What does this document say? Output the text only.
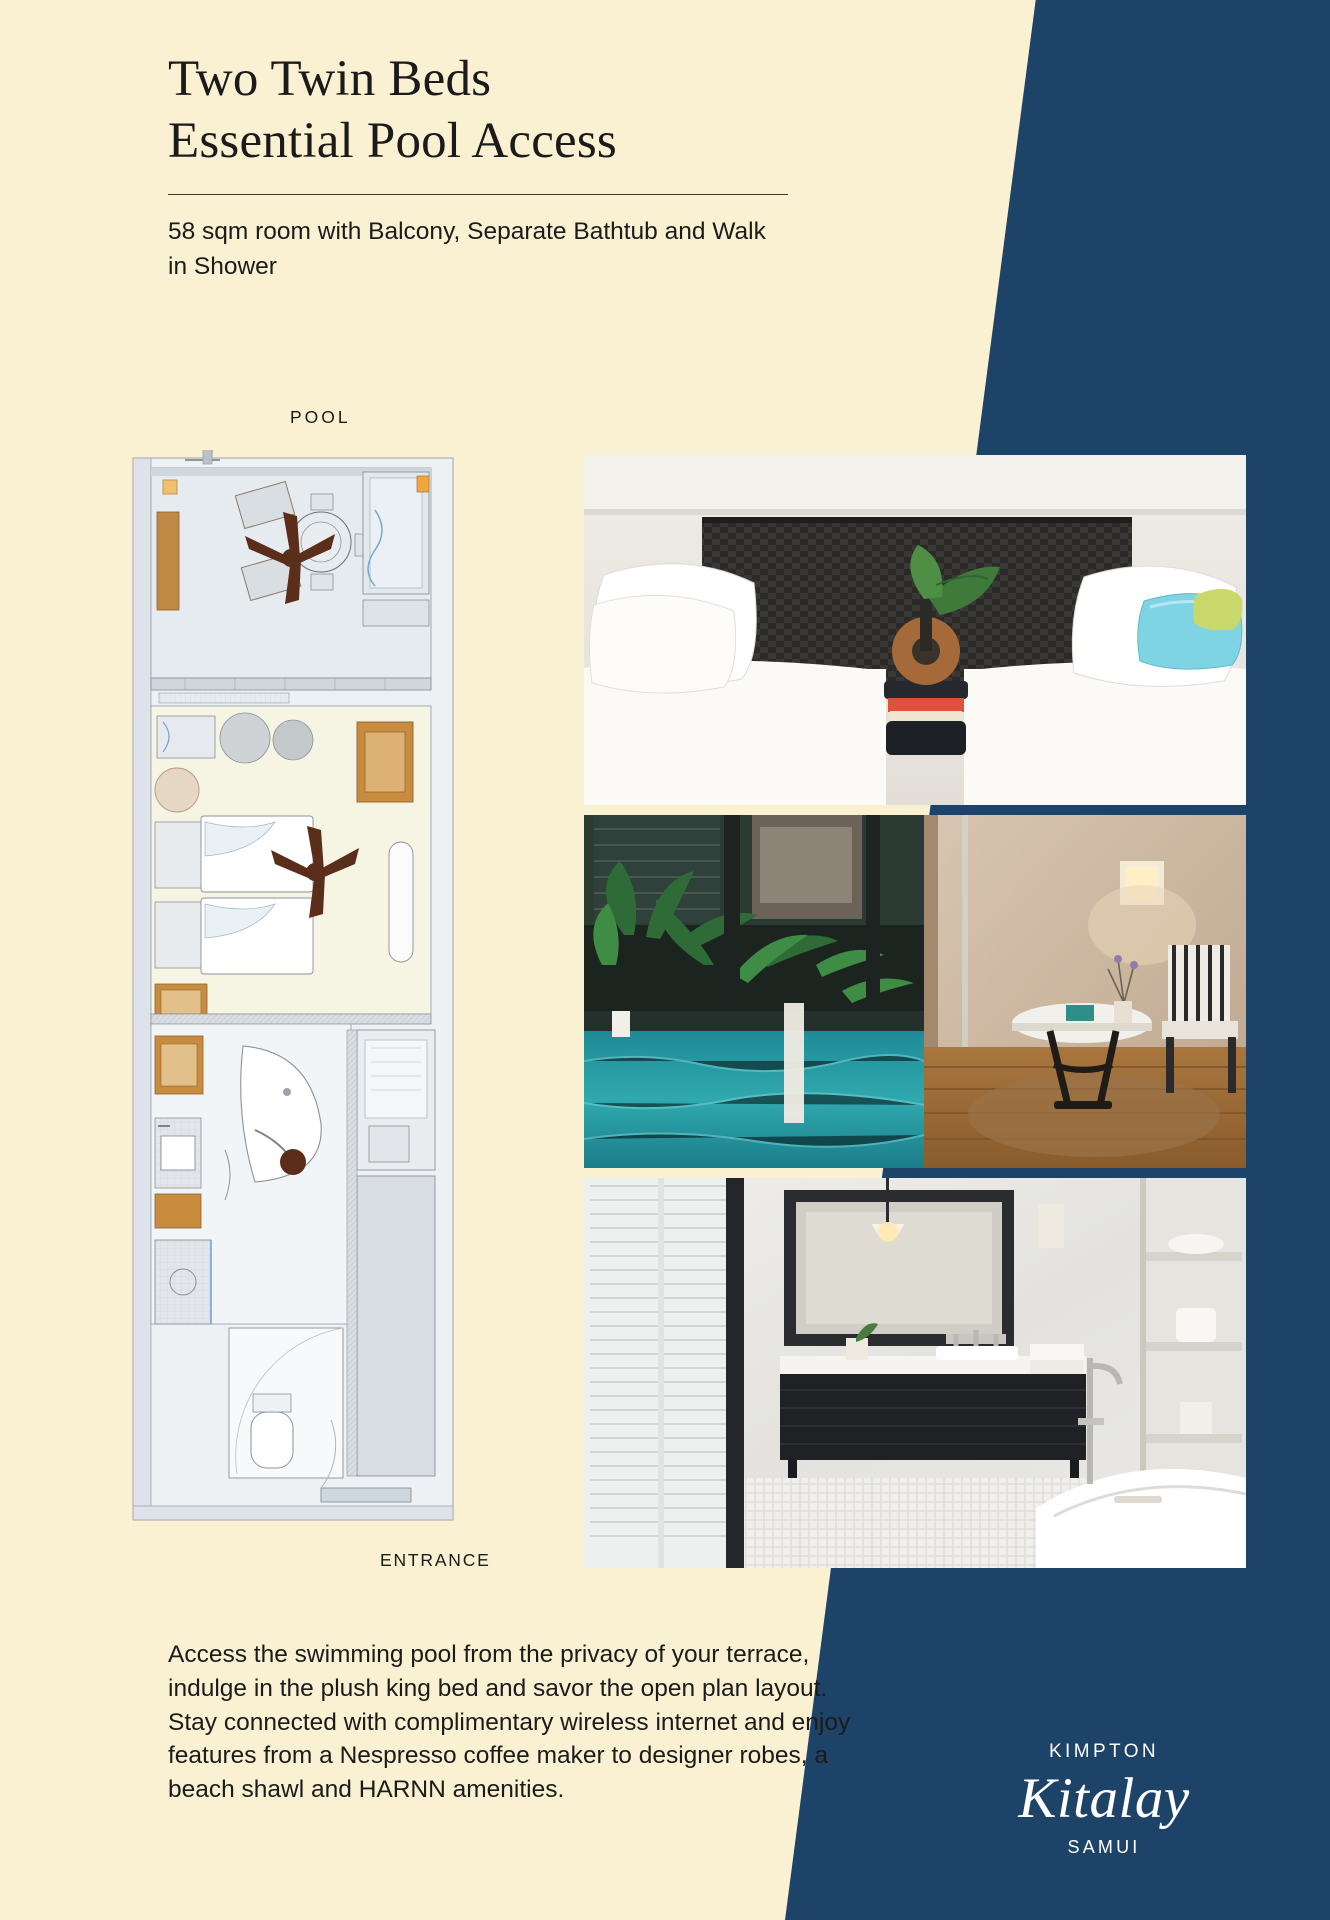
Two Twin Beds
Essential Pool Access
58 sqm room with Balcony, Separate Bathtub and Walk in Shower
POOL
ENTRANCE
Access the swimming pool from the privacy of your terrace, indulge in the plush king bed and savor the open plan layout. Stay connected with complimentary wireless internet and enjoy features from a Nespresso coffee maker to designer robes, a beach shawl and HARNN amenities.
KIMPTON
Kitalay
SAMUI
